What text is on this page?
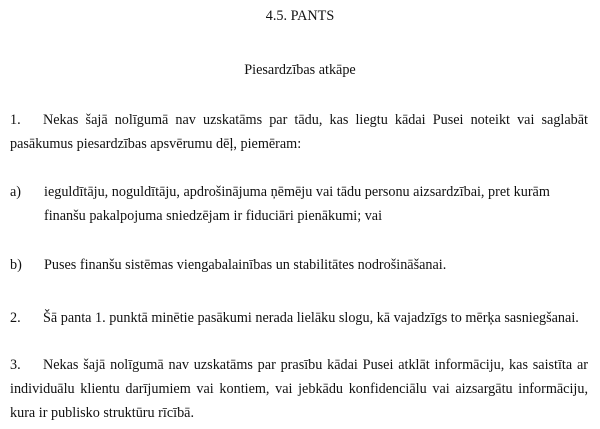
4.5. PANTS
Piesardzības atkāpe
1.	Nekas šajā nolīgumā nav uzskatāms par tādu, kas liegtu kādai Pusei noteikt vai saglabāt pasākumus piesardzības apsvērumu dēļ, piemēram:
a) ieguldītāju, noguldītāju, apdrošinājuma ņēmēju vai tādu personu aizsardzībai, pret kurām finanšu pakalpojuma sniedzējam ir fiduciāri pienākumi; vai
b) Puses finanšu sistēmas viengabalainības un stabilitātes nodrošināšanai.
2.	Šā panta 1. punktā minētie pasākumi nerada lielāku slogu, kā vajadzīgs to mērķa sasniegšanai.
3.	Nekas šajā nolīgumā nav uzskatāms par prasību kādai Pusei atklāt informāciju, kas saistīta ar individuālu klientu darījumiem vai kontiem, vai jebkādu konfidenciālu vai aizsargātu informāciju, kura ir publisko struktūru rīcībā.
